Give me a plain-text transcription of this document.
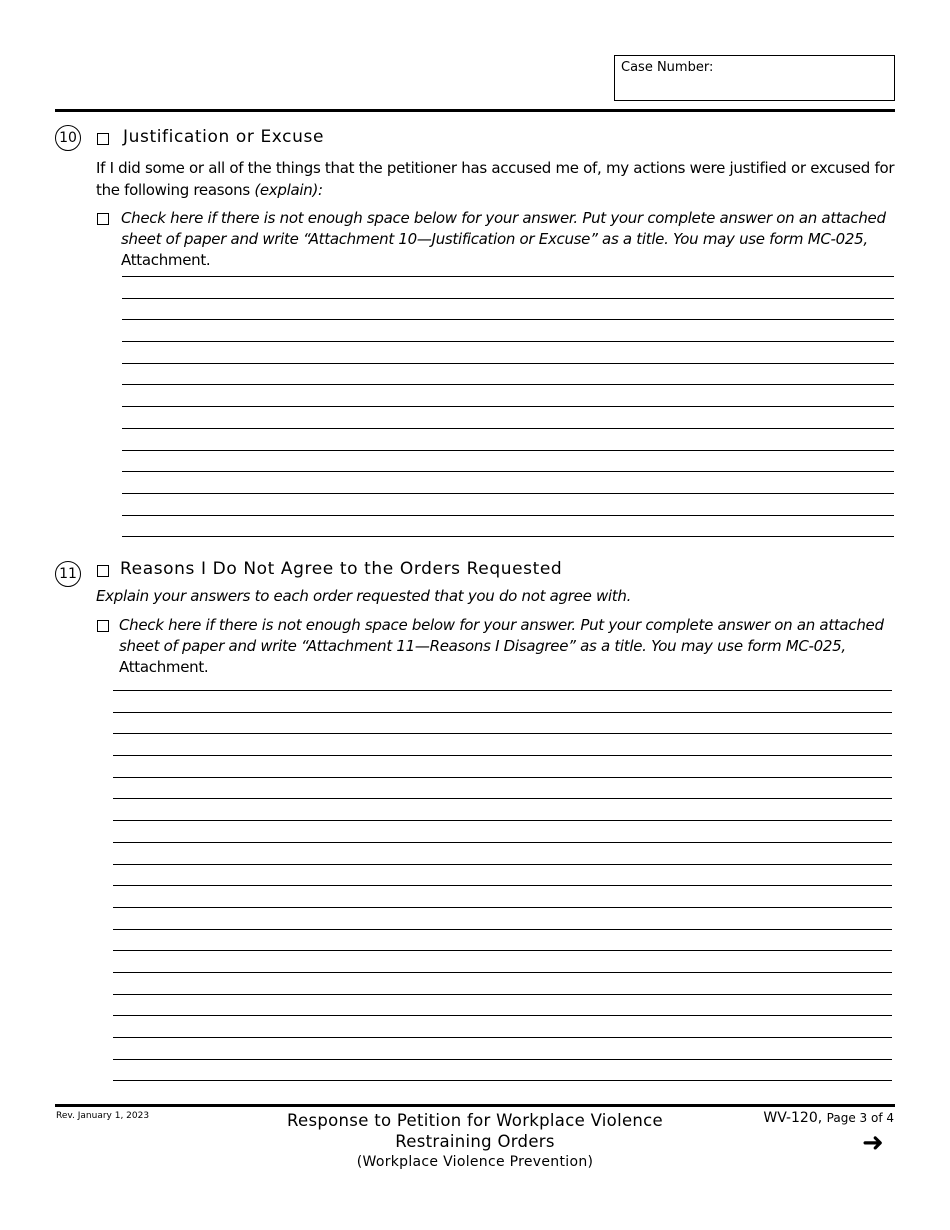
Case Number:
10	Justification or Excuse
If I did some or all of the things that the petitioner has accused me of, my actions were justified or excused for the following reasons (explain):
Check here if there is not enough space below for your answer. Put your complete answer on an attached sheet of paper and write “Attachment 10—Justification or Excuse” as a title. You may use form MC-025, Attachment.
11	Reasons I Do Not Agree to the Orders Requested
Explain your answers to each order requested that you do not agree with.
Check here if there is not enough space below for your answer. Put your complete answer on an attached sheet of paper and write “Attachment 11—Reasons I Disagree” as a title. You may use form MC-025, Attachment.
Rev. January 1, 2023	Response to Petition for Workplace Violence
Restraining Orders
(Workplace Violence Prevention)
WV-120, Page 3 of 4
➜
